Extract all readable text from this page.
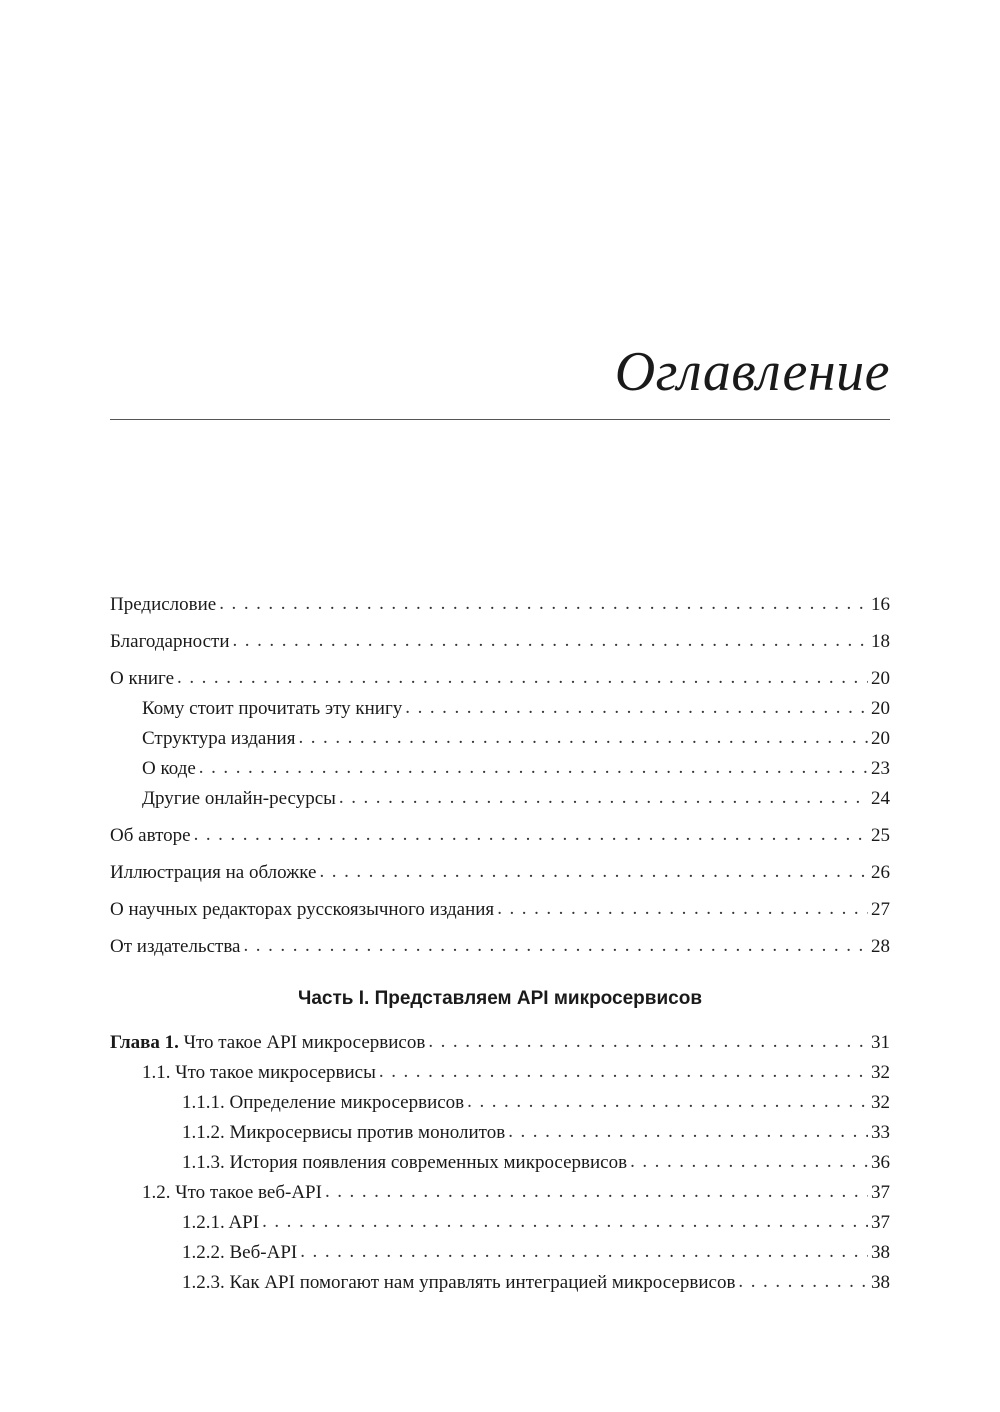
Оглавление
Предисловие . . .	16
Благодарности . . .	18
О книге . . .	20
Кому стоит прочитать эту книгу . . .	20
Структура издания . . .	20
О коде . . .	23
Другие онлайн-ресурсы . . .	24
Об авторе . . .	25
Иллюстрация на обложке . . .	26
О научных редакторах русскоязычного издания . . .	27
От издательства . . .	28
Часть I. Представляем API микросервисов
Глава 1. Что такое API микросервисов . . .	31
1.1. Что такое микросервисы . . .	32
1.1.1. Определение микросервисов . . .	32
1.1.2. Микросервисы против монолитов . . .	33
1.1.3. История появления современных микросервисов . . .	36
1.2. Что такое веб-API . . .	37
1.2.1. API . . .	37
1.2.2. Веб-API . . .	38
1.2.3. Как API помогают нам управлять интеграцией микросервисов . . .	38
